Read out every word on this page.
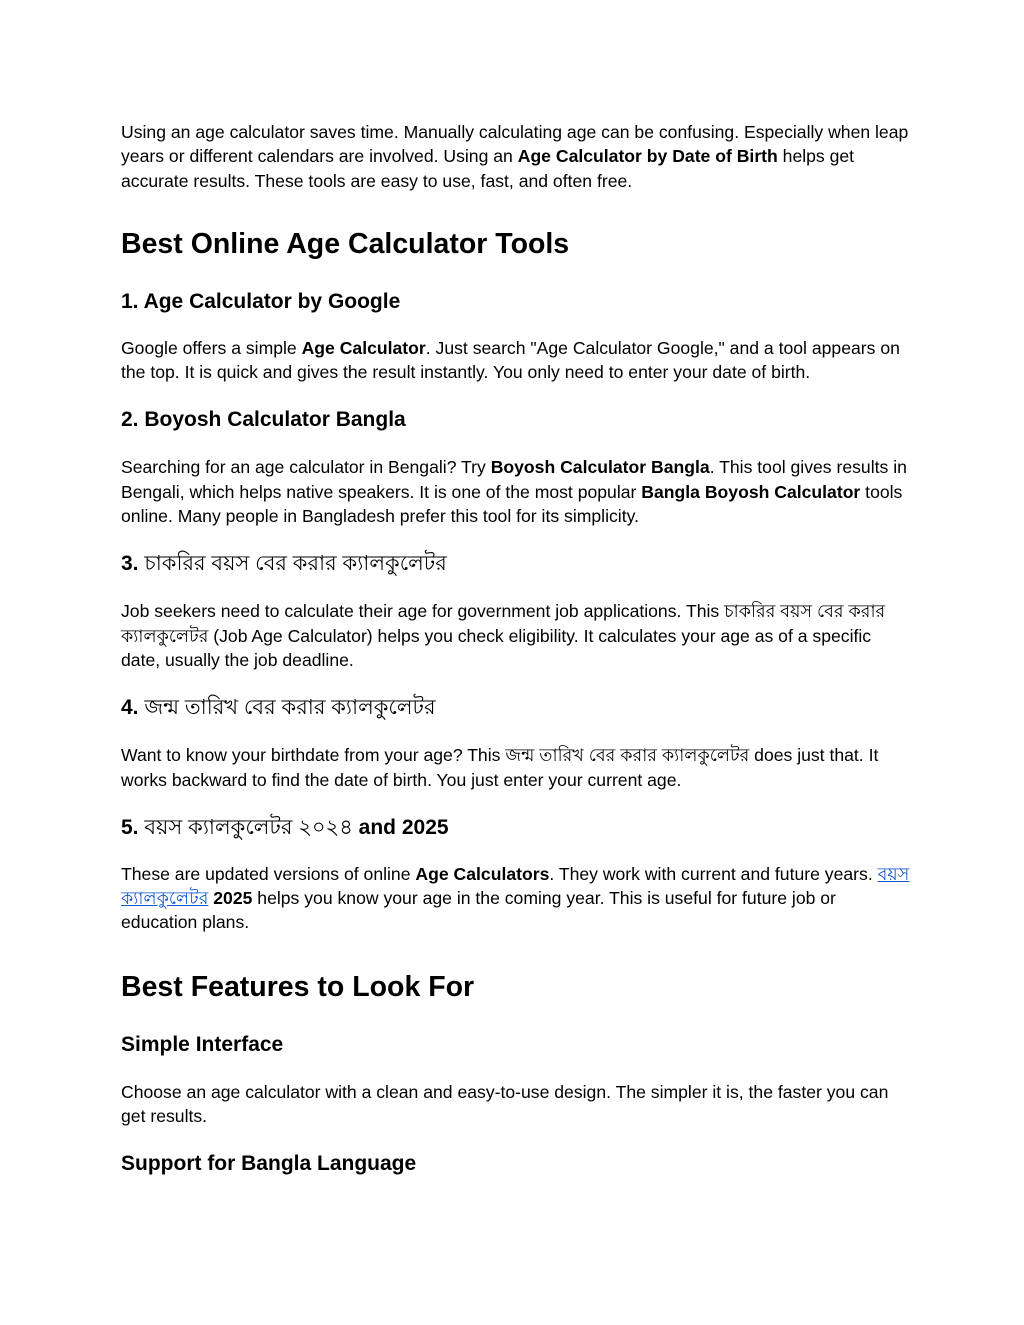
Using an age calculator saves time. Manually calculating age can be confusing. Especially when leap years or different calendars are involved. Using an Age Calculator by Date of Birth helps get accurate results. These tools are easy to use, fast, and often free.

Best Online Age Calculator Tools
1. Age Calculator by Google

Google offers a simple Age Calculator. Just search "Age Calculator Google," and a tool appears on the top. It is quick and gives the result instantly. You only need to enter your date of birth.

2. Boyosh Calculator Bangla

Searching for an age calculator in Bengali? Try Boyosh Calculator Bangla. This tool gives results in Bengali, which helps native speakers. It is one of the most popular Bangla Boyosh Calculator tools online. Many people in Bangladesh prefer this tool for its simplicity.

3. চাকরির বয়স বের করার ক্যালকুলেটর

Job seekers need to calculate their age for government job applications. This চাকরির বয়স বের করার ক্যালকুলেটর (Job Age Calculator) helps you check eligibility. It calculates your age as of a specific date, usually the job deadline.

4. জন্ম তারিখ বের করার ক্যালকুলেটর

Want to know your birthdate from your age? This জন্ম তারিখ বের করার ক্যালকুলেটর does just that. It works backward to find the date of birth. You just enter your current age.

5. বয়স ক্যালকুলেটর ২০২৪ and 2025

These are updated versions of online Age Calculators. They work with current and future years. বয়স ক্যালকুলেটর 2025 helps you know your age in the coming year. This is useful for future job or education plans.

Best Features to Look For
Simple Interface

Choose an age calculator with a clean and easy-to-use design. The simpler it is, the faster you can get results.

Support for Bangla Language
